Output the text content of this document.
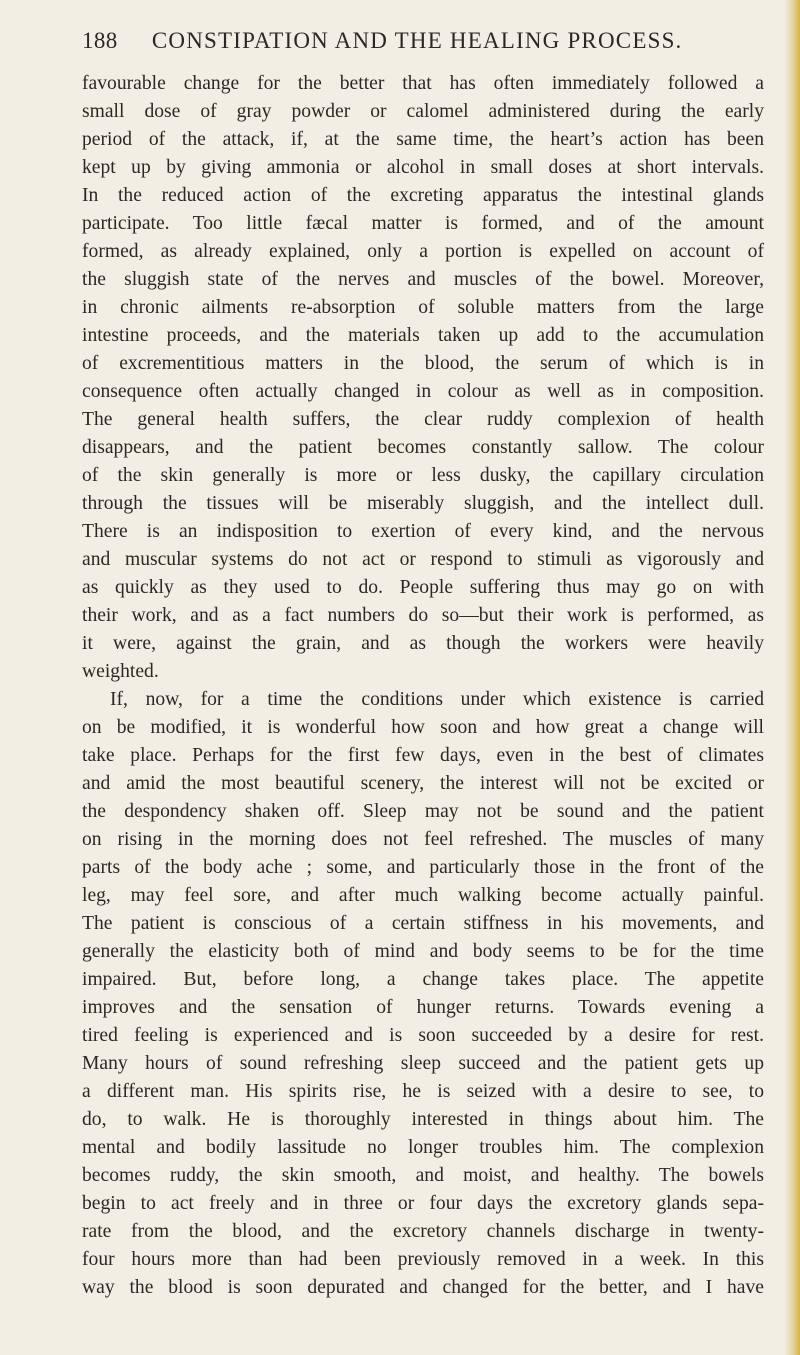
188 CONSTIPATION AND THE HEALING PROCESS.
favourable change for the better that has often immediately followed a
small dose of gray powder or calomel administered during the early
period of the attack, if, at the same time, the heart’s action has been
kept up by giving ammonia or alcohol in small doses at short intervals.
In the reduced action of the excreting apparatus the intestinal glands
participate. Too little fæcal matter is formed, and of the amount
formed, as already explained, only a portion is expelled on account of
the sluggish state of the nerves and muscles of the bowel. Moreover,
in chronic ailments re-absorption of soluble matters from the large
intestine proceeds, and the materials taken up add to the accumulation
of excrementitious matters in the blood, the serum of which is in
consequence often actually changed in colour as well as in composition.
The general health suffers, the clear ruddy complexion of health
disappears, and the patient becomes constantly sallow. The colour
of the skin generally is more or less dusky, the capillary circulation
through the tissues will be miserably sluggish, and the intellect dull.
There is an indisposition to exertion of every kind, and the nervous
and muscular systems do not act or respond to stimuli as vigorously and
as quickly as they used to do. People suffering thus may go on with
their work, and as a fact numbers do so—but their work is performed, as
it were, against the grain, and as though the workers were heavily
weighted.
If, now, for a time the conditions under which existence is carried
on be modified, it is wonderful how soon and how great a change will
take place. Perhaps for the first few days, even in the best of climates
and amid the most beautiful scenery, the interest will not be excited or
the despondency shaken off. Sleep may not be sound and the patient
on rising in the morning does not feel refreshed. The muscles of many
parts of the body ache ; some, and particularly those in the front of the
leg, may feel sore, and after much walking become actually painful.
The patient is conscious of a certain stiffness in his movements, and
generally the elasticity both of mind and body seems to be for the time
impaired. But, before long, a change takes place. The appetite
improves and the sensation of hunger returns. Towards evening a
tired feeling is experienced and is soon succeeded by a desire for rest.
Many hours of sound refreshing sleep succeed and the patient gets up
a different man. His spirits rise, he is seized with a desire to see, to
do, to walk. He is thoroughly interested in things about him. The
mental and bodily lassitude no longer troubles him. The complexion
becomes ruddy, the skin smooth, and moist, and healthy. The bowels
begin to act freely and in three or four days the excretory glands sepa-
rate from the blood, and the excretory channels discharge in twenty-
four hours more than had been previously removed in a week. In this
way the blood is soon depurated and changed for the better, and I have
